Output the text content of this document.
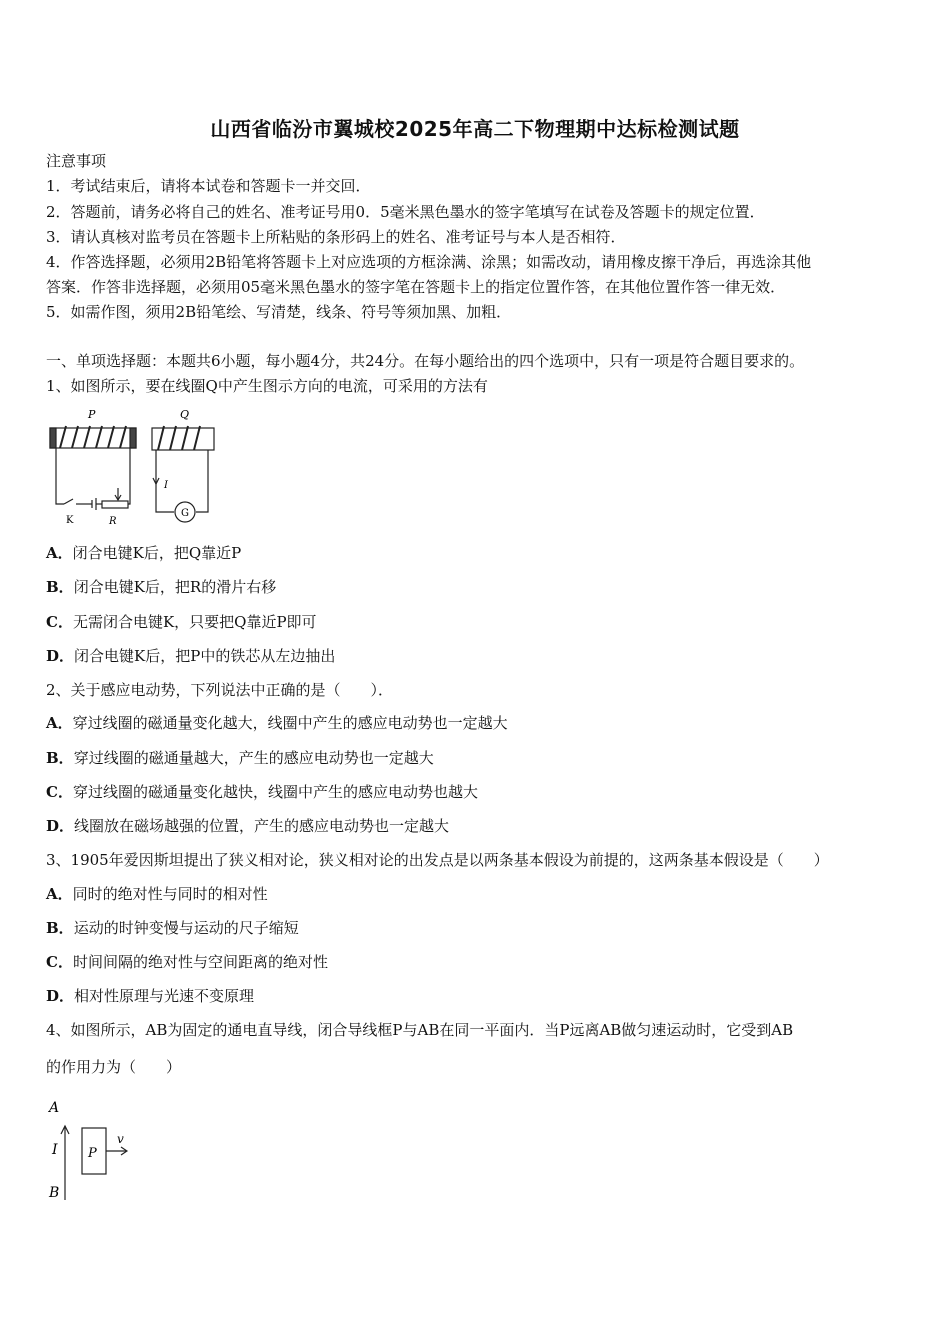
山西省临汾市翼城校2025年高二下物理期中达标检测试题
注意事项
1．考试结束后，请将本试卷和答题卡一并交回．
2．答题前，请务必将自己的姓名、准考证号用0．5毫米黑色墨水的签字笔填写在试卷及答题卡的规定位置．
3．请认真核对监考员在答题卡上所粘贴的条形码上的姓名、准考证号与本人是否相符．
4．作答选择题，必须用2B铅笔将答题卡上对应选项的方框涂满、涂黑；如需改动，请用橡皮擦干净后，再选涂其他
答案．作答非选择题，必须用05毫米黑色墨水的签字笔在答题卡上的指定位置作答，在其他位置作答一律无效．
5．如需作图，须用2B铅笔绘、写清楚，线条、符号等须加黑、加粗．
一、单项选择题：本题共6小题，每小题4分，共24分。在每小题给出的四个选项中，只有一项是符合题目要求的。
1、如图所示，要在线圈Q中产生图示方向的电流，可采用的方法有
P	Q
K	R
I
G
A．闭合电键K后，把Q靠近P
B．闭合电键K后，把R的滑片右移
C．无需闭合电键K，只要把Q靠近P即可
D．闭合电键K后，把P中的铁芯从左边抽出
2、关于感应电动势，下列说法中正确的是（　　）．
A．穿过线圈的磁通量变化越大，线圈中产生的感应电动势也一定越大
B．穿过线圈的磁通量越大，产生的感应电动势也一定越大
C．穿过线圈的磁通量变化越快，线圈中产生的感应电动势也越大
D．线圈放在磁场越强的位置，产生的感应电动势也一定越大
3、1905年爱因斯坦提出了狭义相对论，狭义相对论的出发点是以两条基本假设为前提的，这两条基本假设是（　　）
A．同时的绝对性与同时的相对性
B．运动的时钟变慢与运动的尺子缩短
C．时间间隔的绝对性与空间距离的绝对性
D．相对性原理与光速不变原理
4、如图所示，AB为固定的通电直导线，闭合导线框P与AB在同一平面内．当P远离AB做匀速运动时，它受到AB
的作用力为（　　）
A
I
B
P
v
